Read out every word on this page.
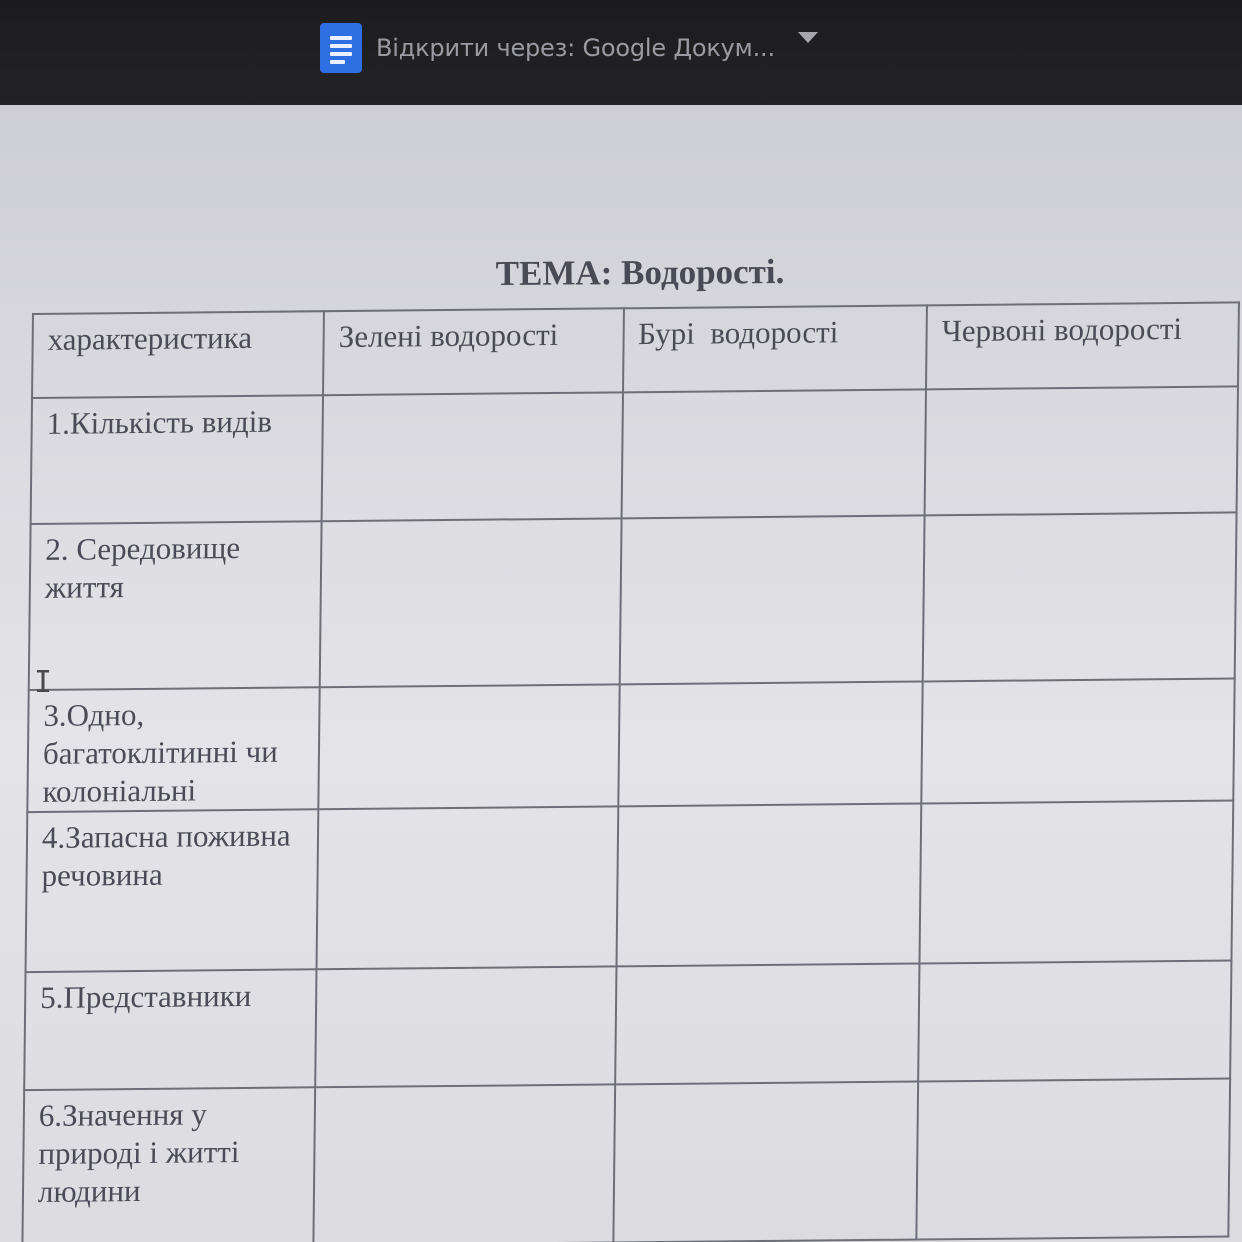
Відкрити через: Google Докум...
ТЕМА: Водорості.
характеристика	Зелені водорості	Бурі  водорості	Червоні водорості
1.Кількість видів			
2. Середовище життя			
3.Одно, багатоклітинні чи колоніальні			
4.Запасна поживна речовина			
5.Представники			
6.Значення у природі і житті людини			
I
